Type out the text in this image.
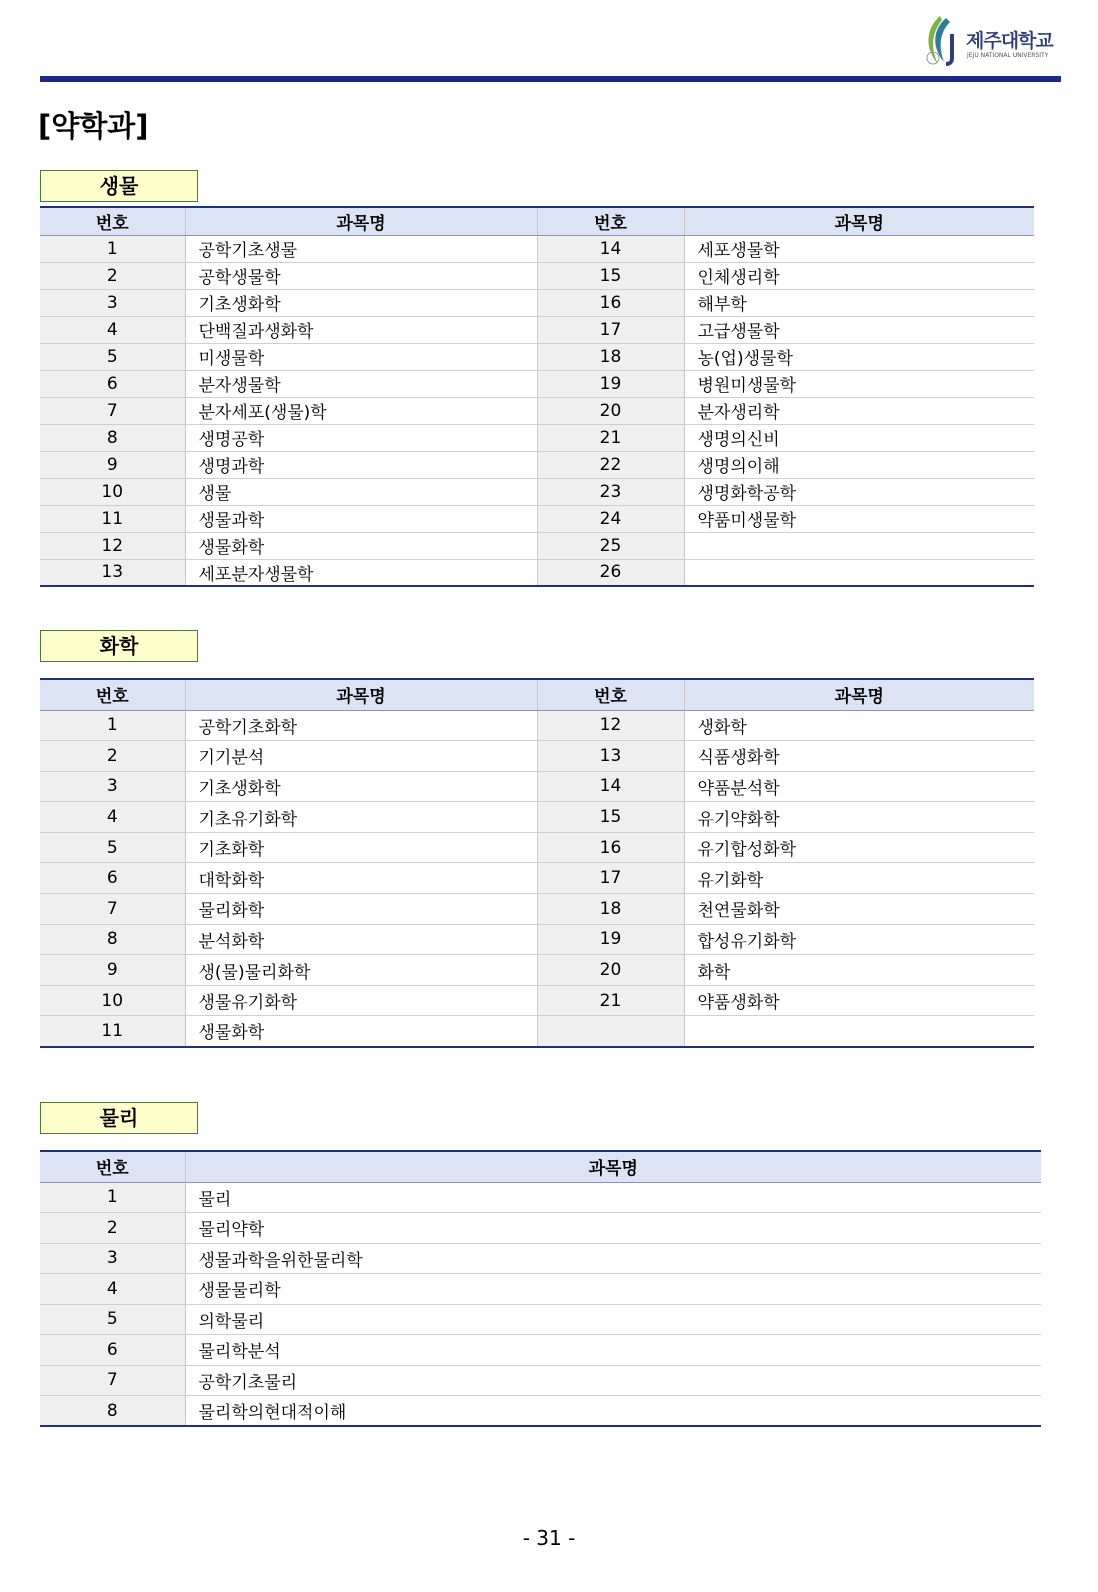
제주대학교
JEJU NATIONAL UNIVERSITY
[약학과]
생물
번호	과목명	번호	과목명
1	공학기초생물	14	세포생물학
2	공학생물학	15	인체생리학
3	기초생화학	16	해부학
4	단백질과생화학	17	고급생물학
5	미생물학	18	농(업)생물학
6	분자생물학	19	병원미생물학
7	분자세포(생물)학	20	분자생리학
8	생명공학	21	생명의신비
9	생명과학	22	생명의이해
10	생물	23	생명화학공학
11	생물과학	24	약품미생물학
12	생물화학	25	
13	세포분자생물학	26	
화학
번호	과목명	번호	과목명
1	공학기초화학	12	생화학
2	기기분석	13	식품생화학
3	기초생화학	14	약품분석학
4	기초유기화학	15	유기약화학
5	기초화학	16	유기합성화학
6	대학화학	17	유기화학
7	물리화학	18	천연물화학
8	분석화학	19	합성유기화학
9	생(물)물리화학	20	화학
10	생물유기화학	21	약품생화학
11	생물화학		
물리
번호	과목명
1	물리
2	물리약학
3	생물과학을위한물리학
4	생물물리학
5	의학물리
6	물리학분석
7	공학기초물리
8	물리학의현대적이해
- 31 -
